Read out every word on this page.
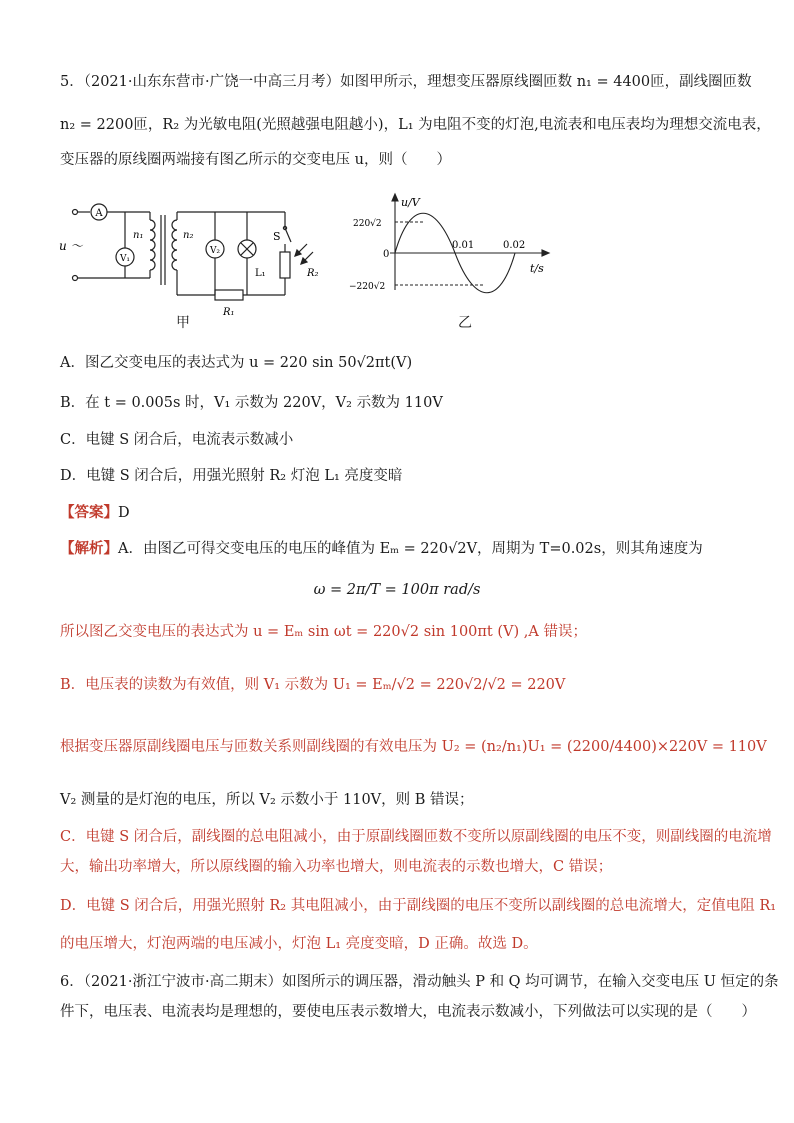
5．（2021·山东东营市·广饶一中高三月考）如图甲所示，理想变压器原线圈匝数 n₁ = 4400匝，副线圈匝数
n₂ = 2200匝，R₂ 为光敏电阻(光照越强电阻越小)，L₁ 为电阻不变的灯泡,电流表和电压表均为理想交流电表，
变压器的原线圈两端接有图乙所示的交变电压 u，则（　　）
A
V₁
V₂
u ～
n₁	n₂	S
L₁
R₁
R₂
甲
u/V
t/s
220√2
0
−220√2
0.01	0.02
乙
A．图乙交变电压的表达式为 u = 220 sin 50√2πt(V)
B．在 t = 0.005s 时，V₁ 示数为 220V，V₂ 示数为 110V
C．电键 S 闭合后，电流表示数减小
D．电键 S 闭合后，用强光照射 R₂ 灯泡 L₁ 亮度变暗
【答案】D
【解析】A．由图乙可得交变电压的电压的峰值为 Eₘ = 220√2V，周期为 T=0.02s，则其角速度为
ω = 2π/T = 100π rad/s
所以图乙交变电压的表达式为 u = Eₘ sin ωt = 220√2 sin 100πt (V) ,A 错误；
B．电压表的读数为有效值，则 V₁ 示数为 U₁ = Eₘ/√2 = 220√2/√2 = 220V
根据变压器原副线圈电压与匝数关系则副线圈的有效电压为 U₂ = (n₂/n₁)U₁ = (2200/4400)×220V = 110V
V₂ 测量的是灯泡的电压，所以 V₂ 示数小于 110V，则 B 错误；
C．电键 S 闭合后，副线圈的总电阻减小，由于原副线圈匝数不变所以原副线圈的电压不变，则副线圈的电流增
大，输出功率增大，所以原线圈的输入功率也增大，则电流表的示数也增大，C 错误；
D．电键 S 闭合后，用强光照射 R₂ 其电阻减小，由于副线圈的电压不变所以副线圈的总电流增大，定值电阻 R₁
的电压增大，灯泡两端的电压减小，灯泡 L₁ 亮度变暗，D 正确。故选 D。
6．（2021·浙江宁波市·高二期末）如图所示的调压器，滑动触头 P 和 Q 均可调节，在输入交变电压 U 恒定的条
件下，电压表、电流表均是理想的，要使电压表示数增大，电流表示数减小，下列做法可以实现的是（　　）
